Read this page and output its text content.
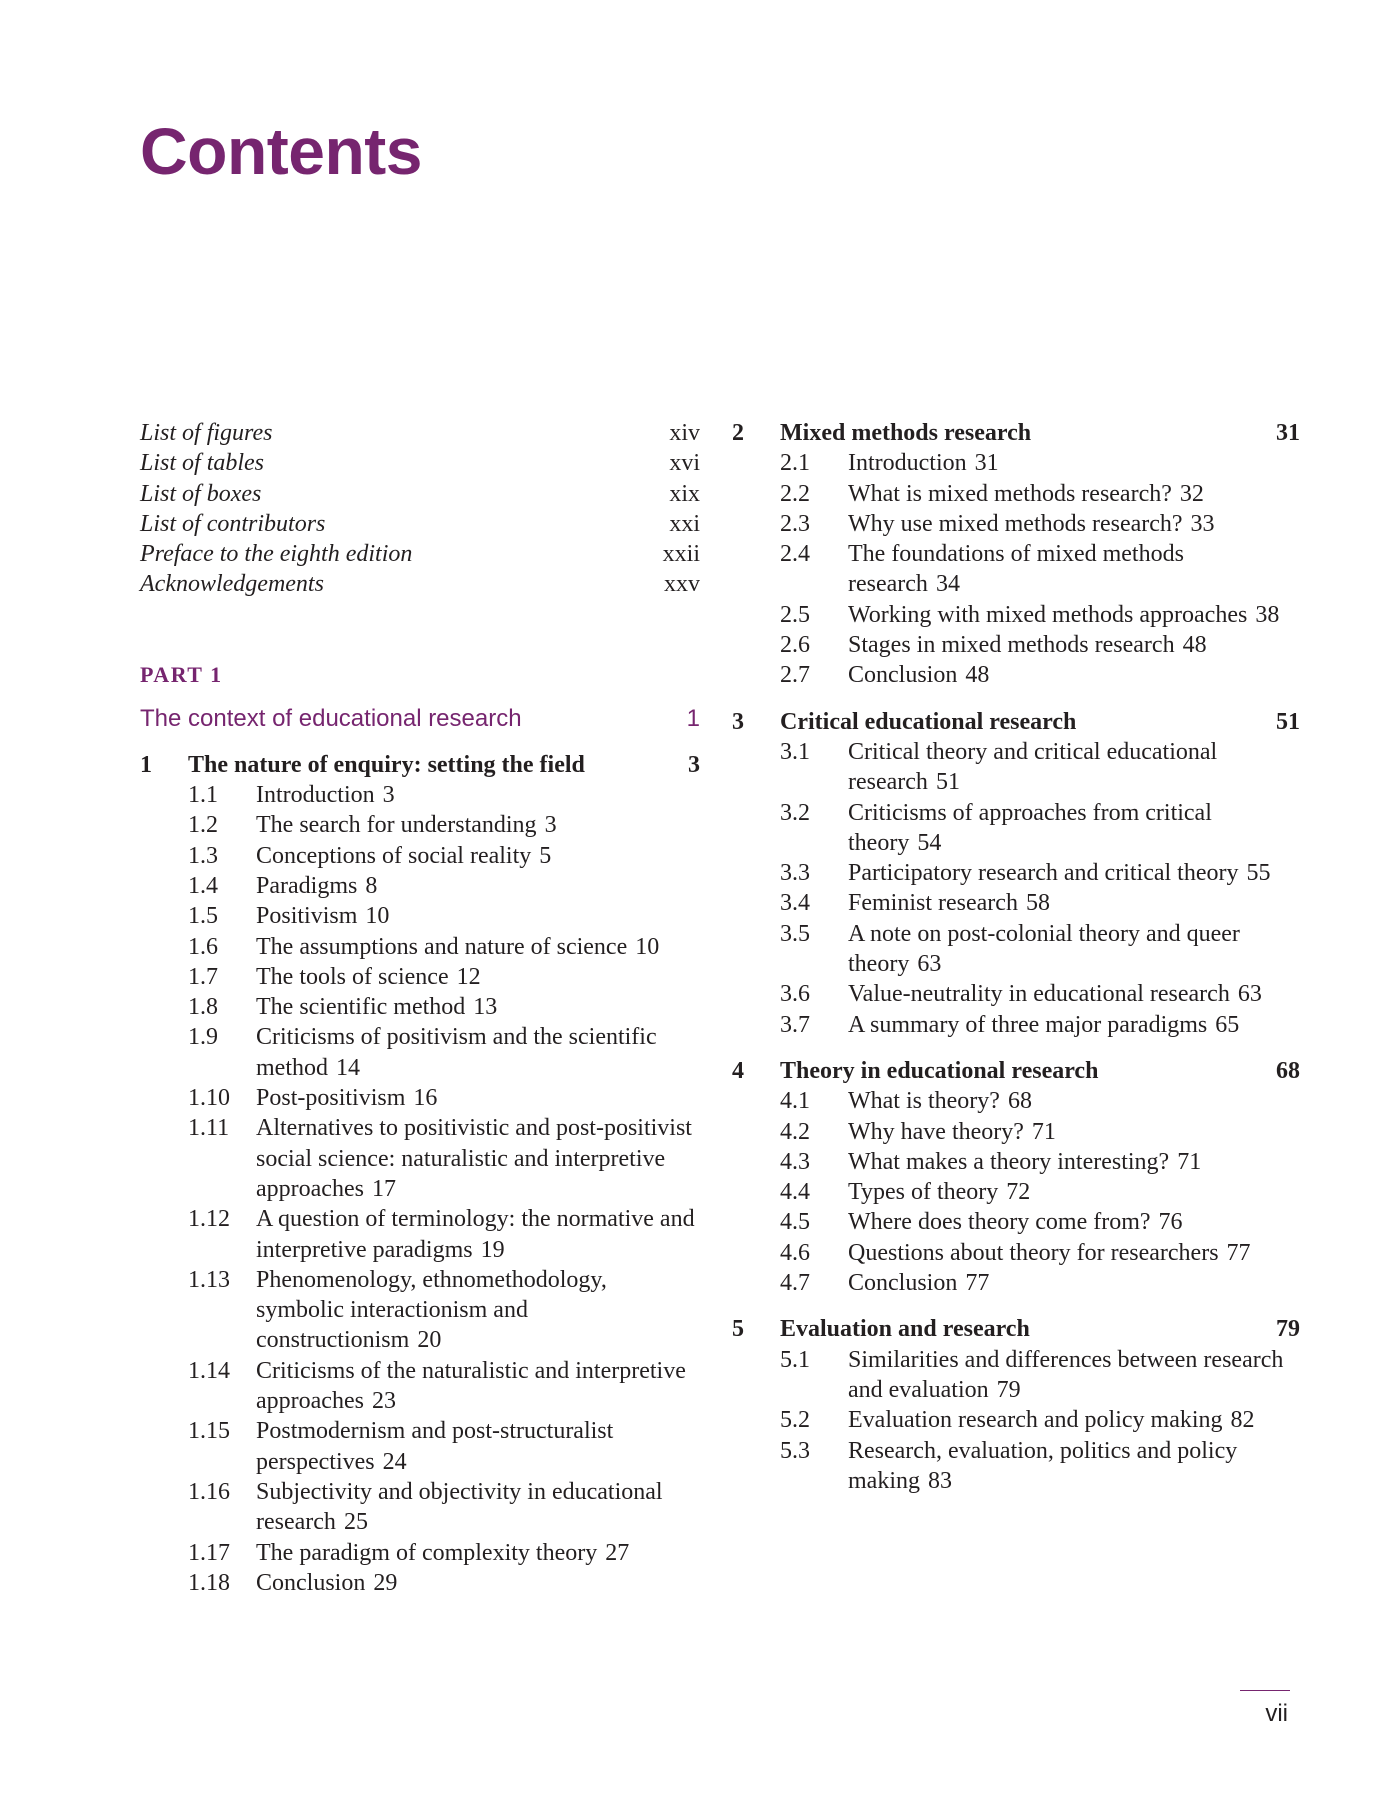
Contents
List of figures	xiv
List of tables	xvi
List of boxes	xix
List of contributors	xxi
Preface to the eighth edition	xxii
Acknowledgements	xxv
PART 1
The context of educational research	1
1	The nature of enquiry: setting the field	3
1.1	Introduction 3
1.2	The search for understanding 3
1.3	Conceptions of social reality 5
1.4	Paradigms 8
1.5	Positivism 10
1.6	The assumptions and nature of science 10
1.7	The tools of science 12
1.8	The scientific method 13
1.9	Criticisms of positivism and the scientific method 14
1.10	Post-positivism 16
1.11	Alternatives to positivistic and post-positivist social science: naturalistic and interpretive approaches 17
1.12	A question of terminology: the normative and interpretive paradigms 19
1.13	Phenomenology, ethnomethodology, symbolic interactionism and constructionism 20
1.14	Criticisms of the naturalistic and interpretive approaches 23
1.15	Postmodernism and post-structuralist perspectives 24
1.16	Subjectivity and objectivity in educational research 25
1.17	The paradigm of complexity theory 27
1.18	Conclusion 29
2	Mixed methods research	31
2.1	Introduction 31
2.2	What is mixed methods research? 32
2.3	Why use mixed methods research? 33
2.4	The foundations of mixed methods research 34
2.5	Working with mixed methods approaches 38
2.6	Stages in mixed methods research 48
2.7	Conclusion 48
3	Critical educational research	51
3.1	Critical theory and critical educational research 51
3.2	Criticisms of approaches from critical theory 54
3.3	Participatory research and critical theory 55
3.4	Feminist research 58
3.5	A note on post-colonial theory and queer theory 63
3.6	Value-neutrality in educational research 63
3.7	A summary of three major paradigms 65
4	Theory in educational research	68
4.1	What is theory? 68
4.2	Why have theory? 71
4.3	What makes a theory interesting? 71
4.4	Types of theory 72
4.5	Where does theory come from? 76
4.6	Questions about theory for researchers 77
4.7	Conclusion 77
5	Evaluation and research	79
5.1	Similarities and differences between research and evaluation 79
5.2	Evaluation research and policy making 82
5.3	Research, evaluation, politics and policy making 83
vii
